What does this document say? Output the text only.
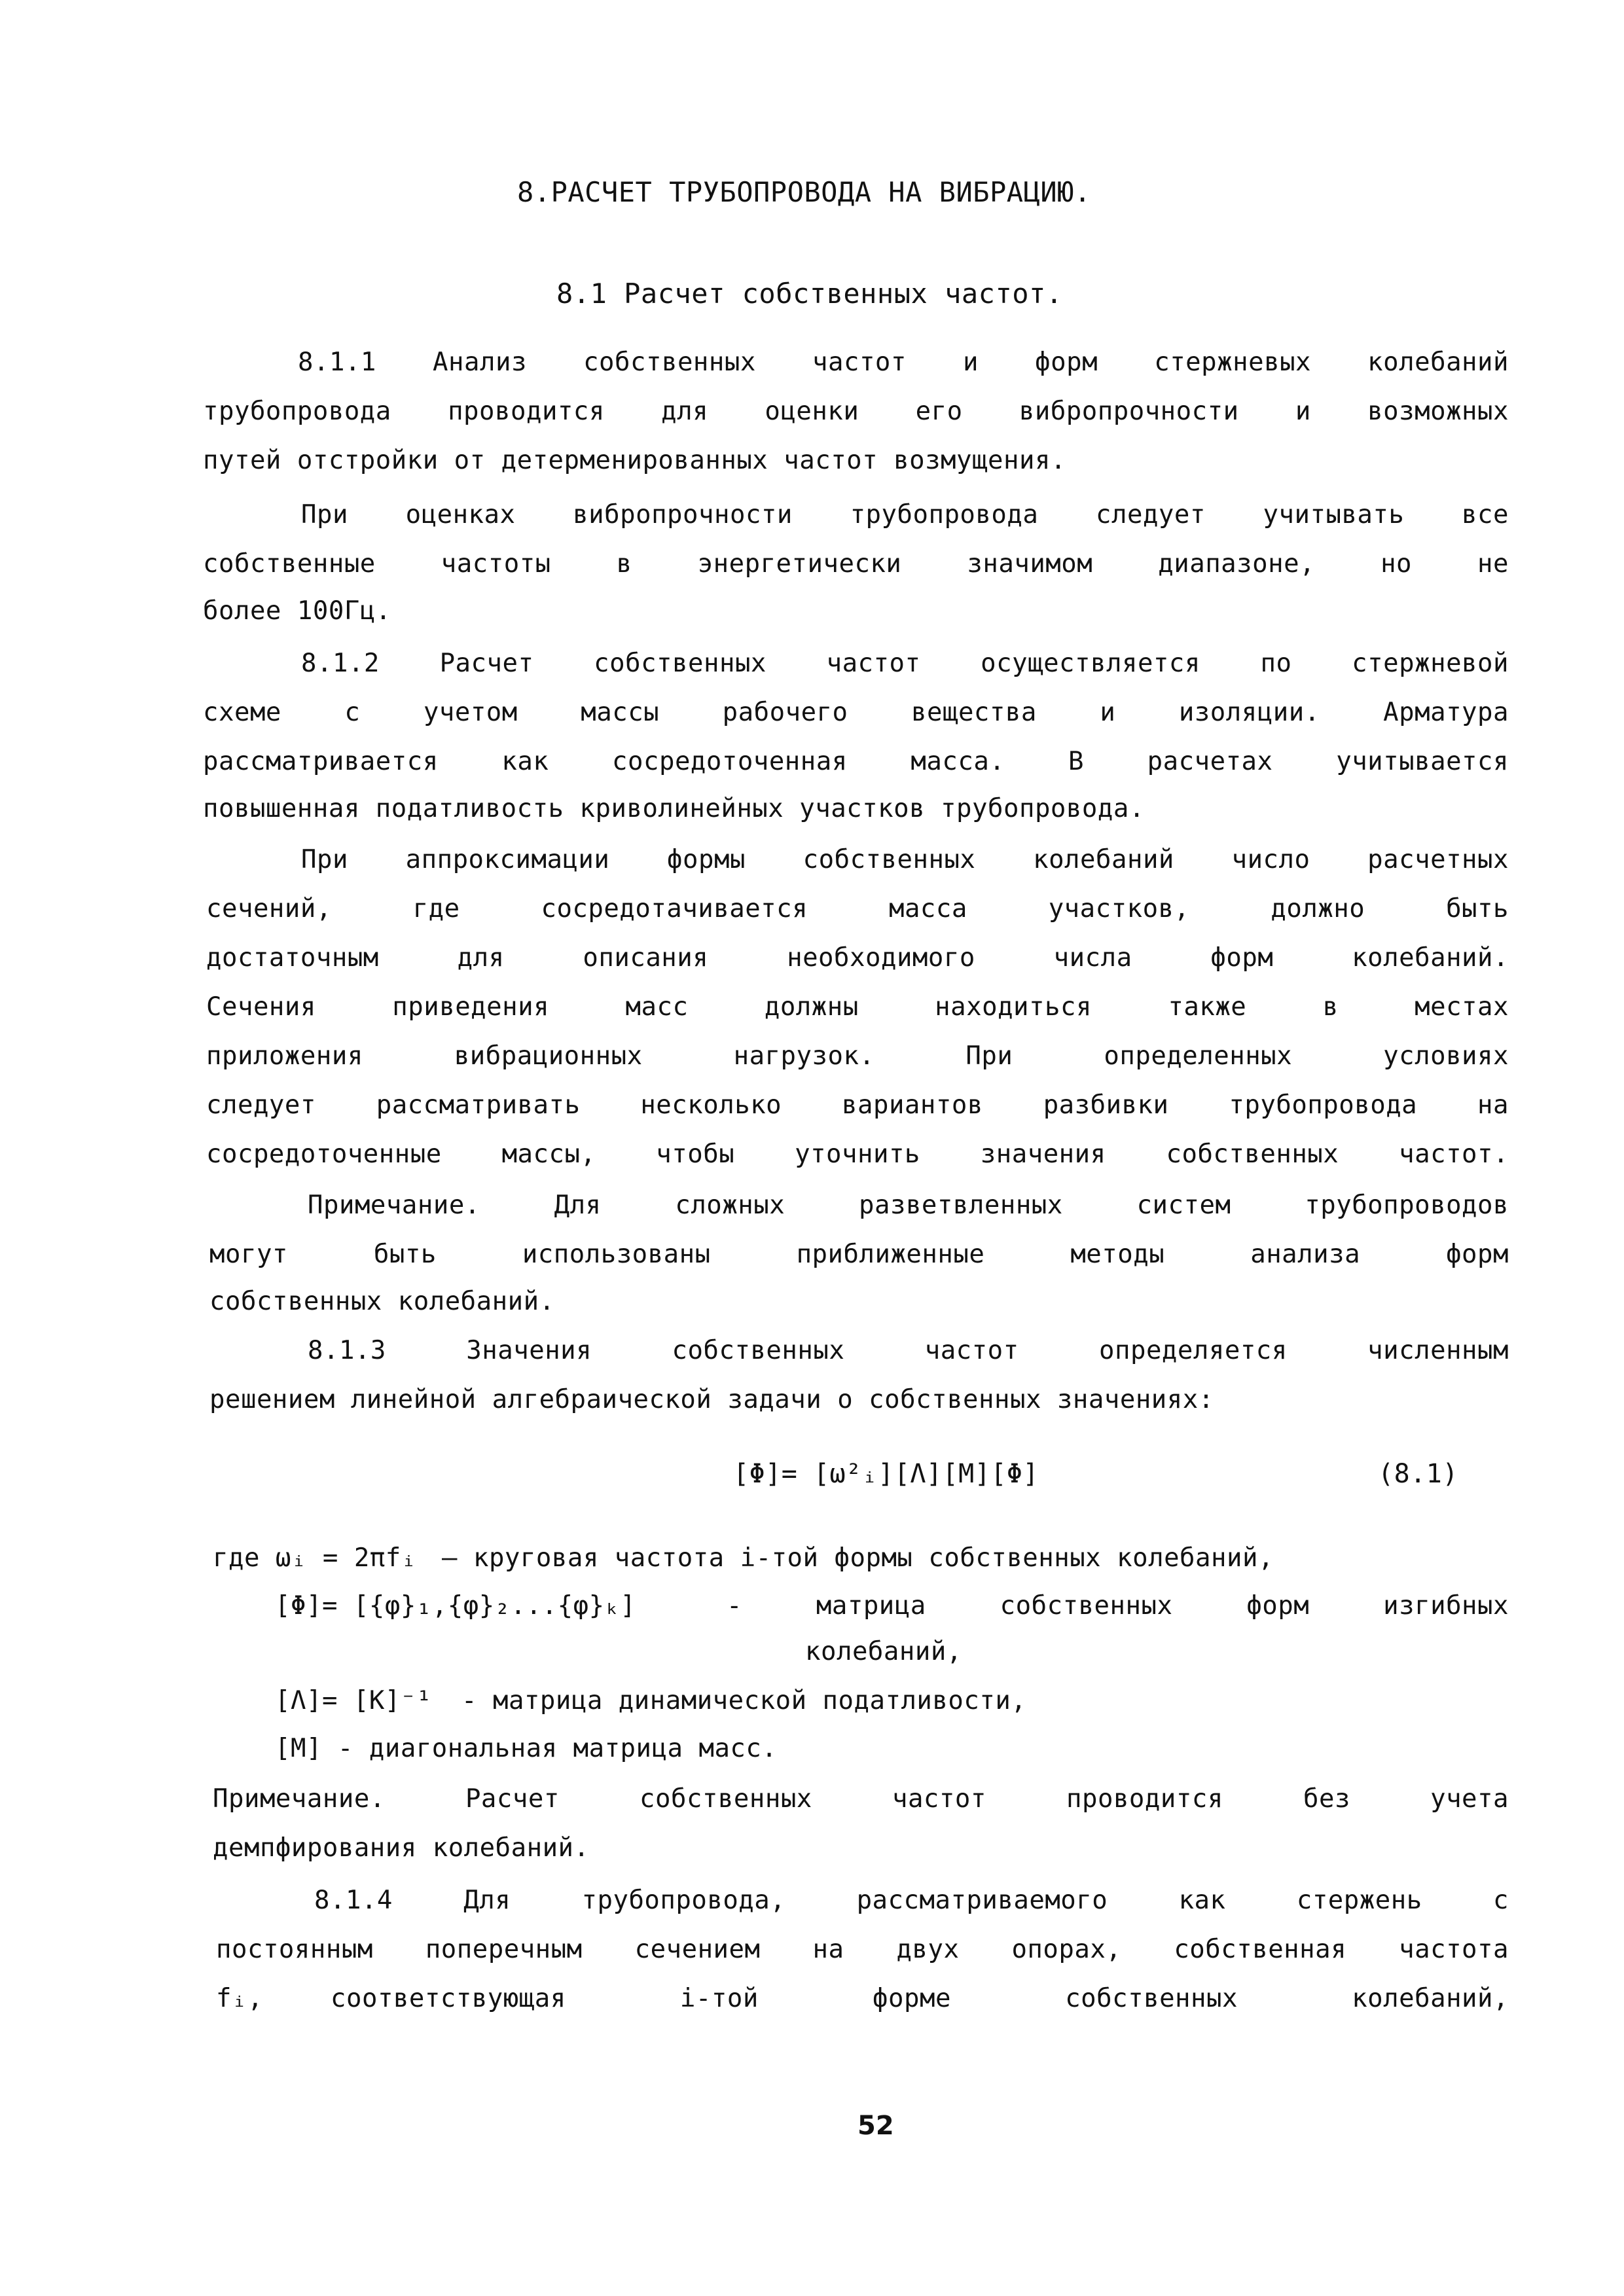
8.РАСЧЕТ ТРУБОПРОВОДА НА ВИБРАЦИЮ.
8.1 Расчет собственных частот.
8.1.1 Анализ собственных частот и форм стержневых колебаний
трубопровода проводится для оценки его вибропрочности и возможных
путей отстройки от детерменированных частот возмущения.
При оценках вибропрочности трубопровода следует учитывать все
собственные частоты в энергетически значимом диапазоне, но не
более 100Гц.
8.1.2 Расчет собственных частот осуществляется по стержневой
схеме с учетом массы рабочего вещества и изоляции. Арматура
рассматривается как сосредоточенная масса. В расчетах учитывается
повышенная податливость криволинейных участков трубопровода.
При аппроксимации формы собственных колебаний число расчетных
сечений, где сосредотачивается масса участков, должно быть
достаточным для описания необходимого числа форм колебаний.
Сечения приведения масс должны находиться также в местах
приложения вибрационных нагрузок. При определенных условиях
следует рассматривать несколько вариантов разбивки трубопровода на
сосредоточенные массы, чтобы уточнить значения собственных частот.
Примечание. Для сложных разветвленных систем трубопроводов
могут быть использованы приближенные методы анализа форм
собственных колебаний.
8.1.3 Значения собственных частот определяется численным
решением линейной алгебраической задачи о собственных значениях:
[Φ]= [ω²ᵢ][Λ][M][Φ]	(8.1)
где ωᵢ = 2πfᵢ – круговая частота i-той формы собственных колебаний,
[Φ]= [{φ}₁,{φ}₂...{φ}ₖ]	- матрица собственных форм изгибных
колебаний,
[Λ]= [K]⁻¹ - матрица динамической податливости,
[M] - диагональная матрица масс.
Примечание. Расчет собственных частот проводится без учета
демпфирования колебаний.
8.1.4 Для трубопровода, рассматриваемого как стержень с
постоянным поперечным сечением на двух опорах, собственная частота
fᵢ,	соответствующая i-той форме собственных колебаний,
52
